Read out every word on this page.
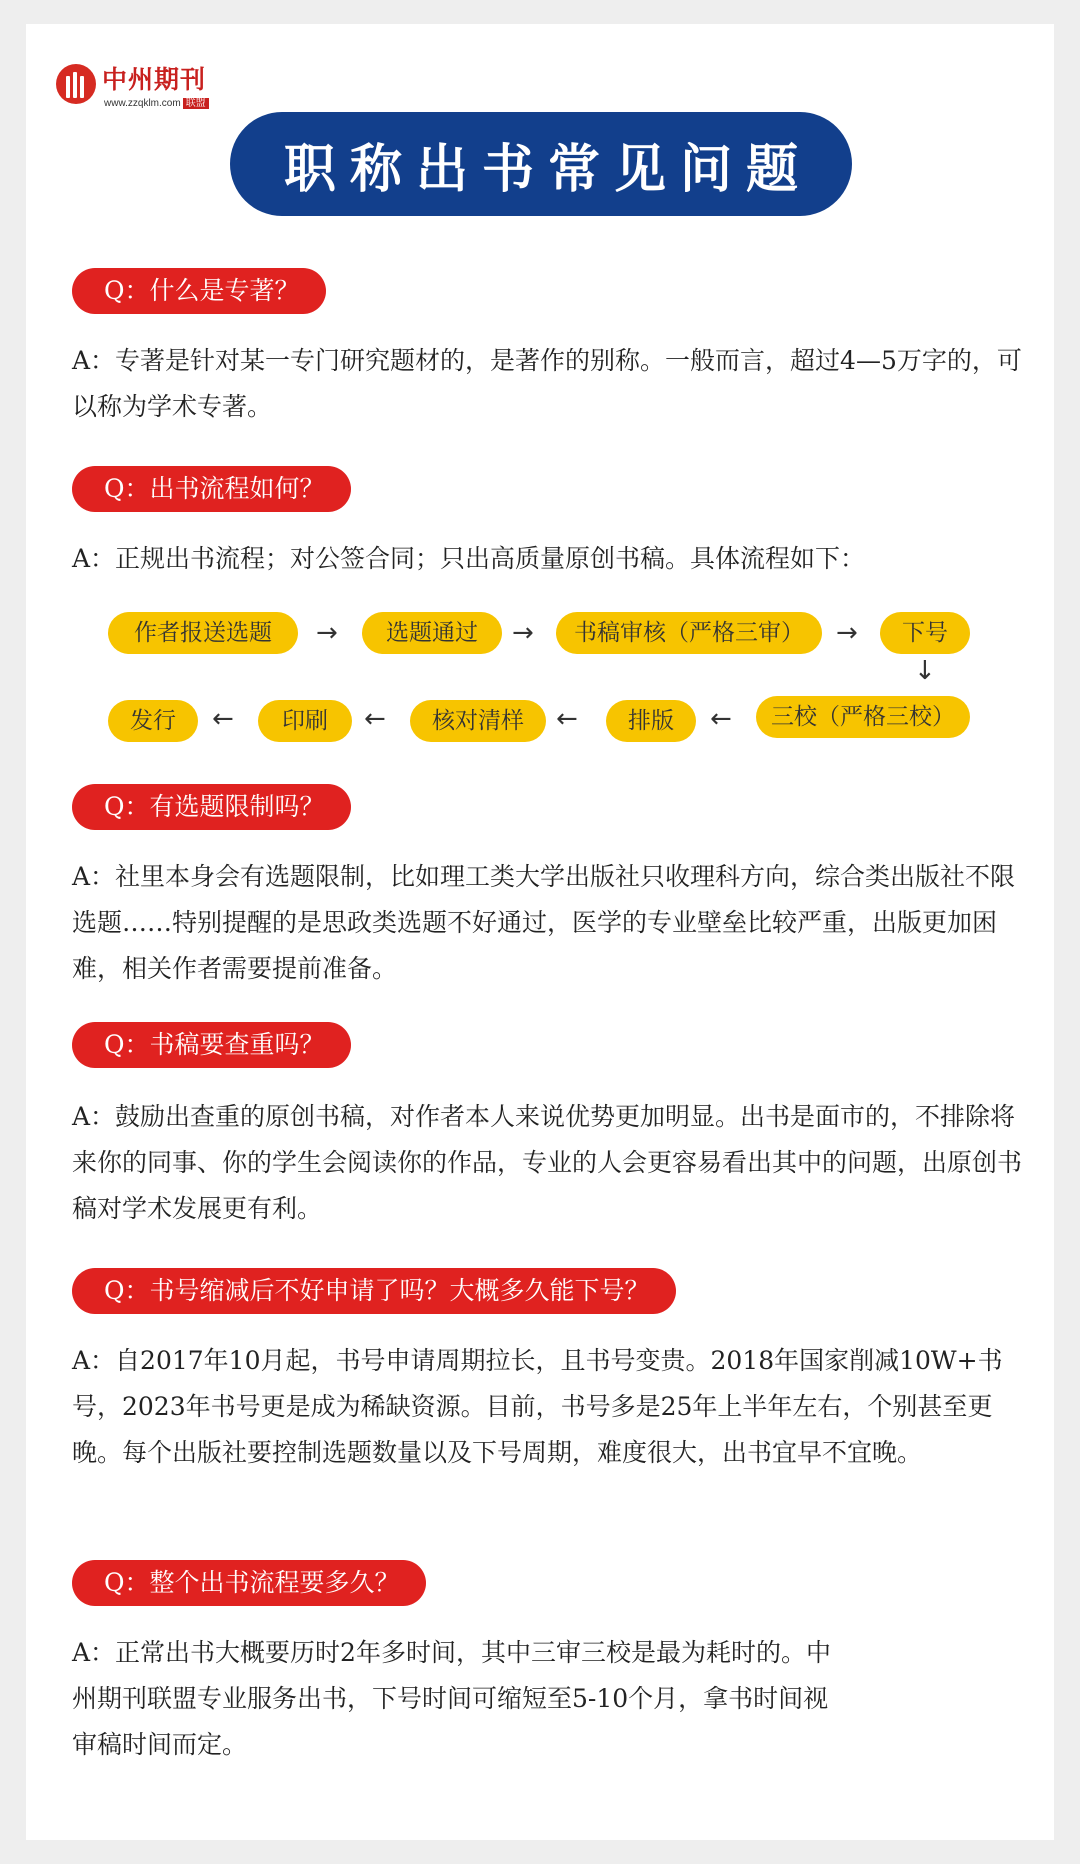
中州期刊
www.zzqklm.com 联盟
职称出书常见问题
Q：什么是专著？

A：专著是针对某一专门研究题材的，是著作的别称。一般而言，超过4—5万字的，可以称为学术专著。

Q：出书流程如何？

A：正规出书流程；对公签合同；只出高质量原创书稿。具体流程如下：

作者报送选题	→	选题通过	→	书稿审核（严格三审）	→	下号
↓
三校（严格三校）
←
排版
←
核对清样
←
印刷
←
发行
Q：有选题限制吗？

A：社里本身会有选题限制，比如理工类大学出版社只收理科方向，综合类出版社不限选题……特别提醒的是思政类选题不好通过，医学的专业壁垒比较严重，出版更加困难，相关作者需要提前准备。

Q：书稿要查重吗？

A：鼓励出查重的原创书稿，对作者本人来说优势更加明显。出书是面市的，不排除将来你的同事、你的学生会阅读你的作品，专业的人会更容易看出其中的问题，出原创书稿对学术发展更有利。

Q：书号缩减后不好申请了吗？大概多久能下号？

A：自2017年10月起，书号申请周期拉长，且书号变贵。2018年国家削减10W+书号，2023年书号更是成为稀缺资源。目前，书号多是25年上半年左右，个别甚至更晚。每个出版社要控制选题数量以及下号周期，难度很大，出书宜早不宜晚。

Q：整个出书流程要多久？

A：正常出书大概要历时2年多时间，其中三审三校是最为耗时的。中州期刊联盟专业服务出书，下号时间可缩短至5-10个月，拿书时间视审稿时间而定。
